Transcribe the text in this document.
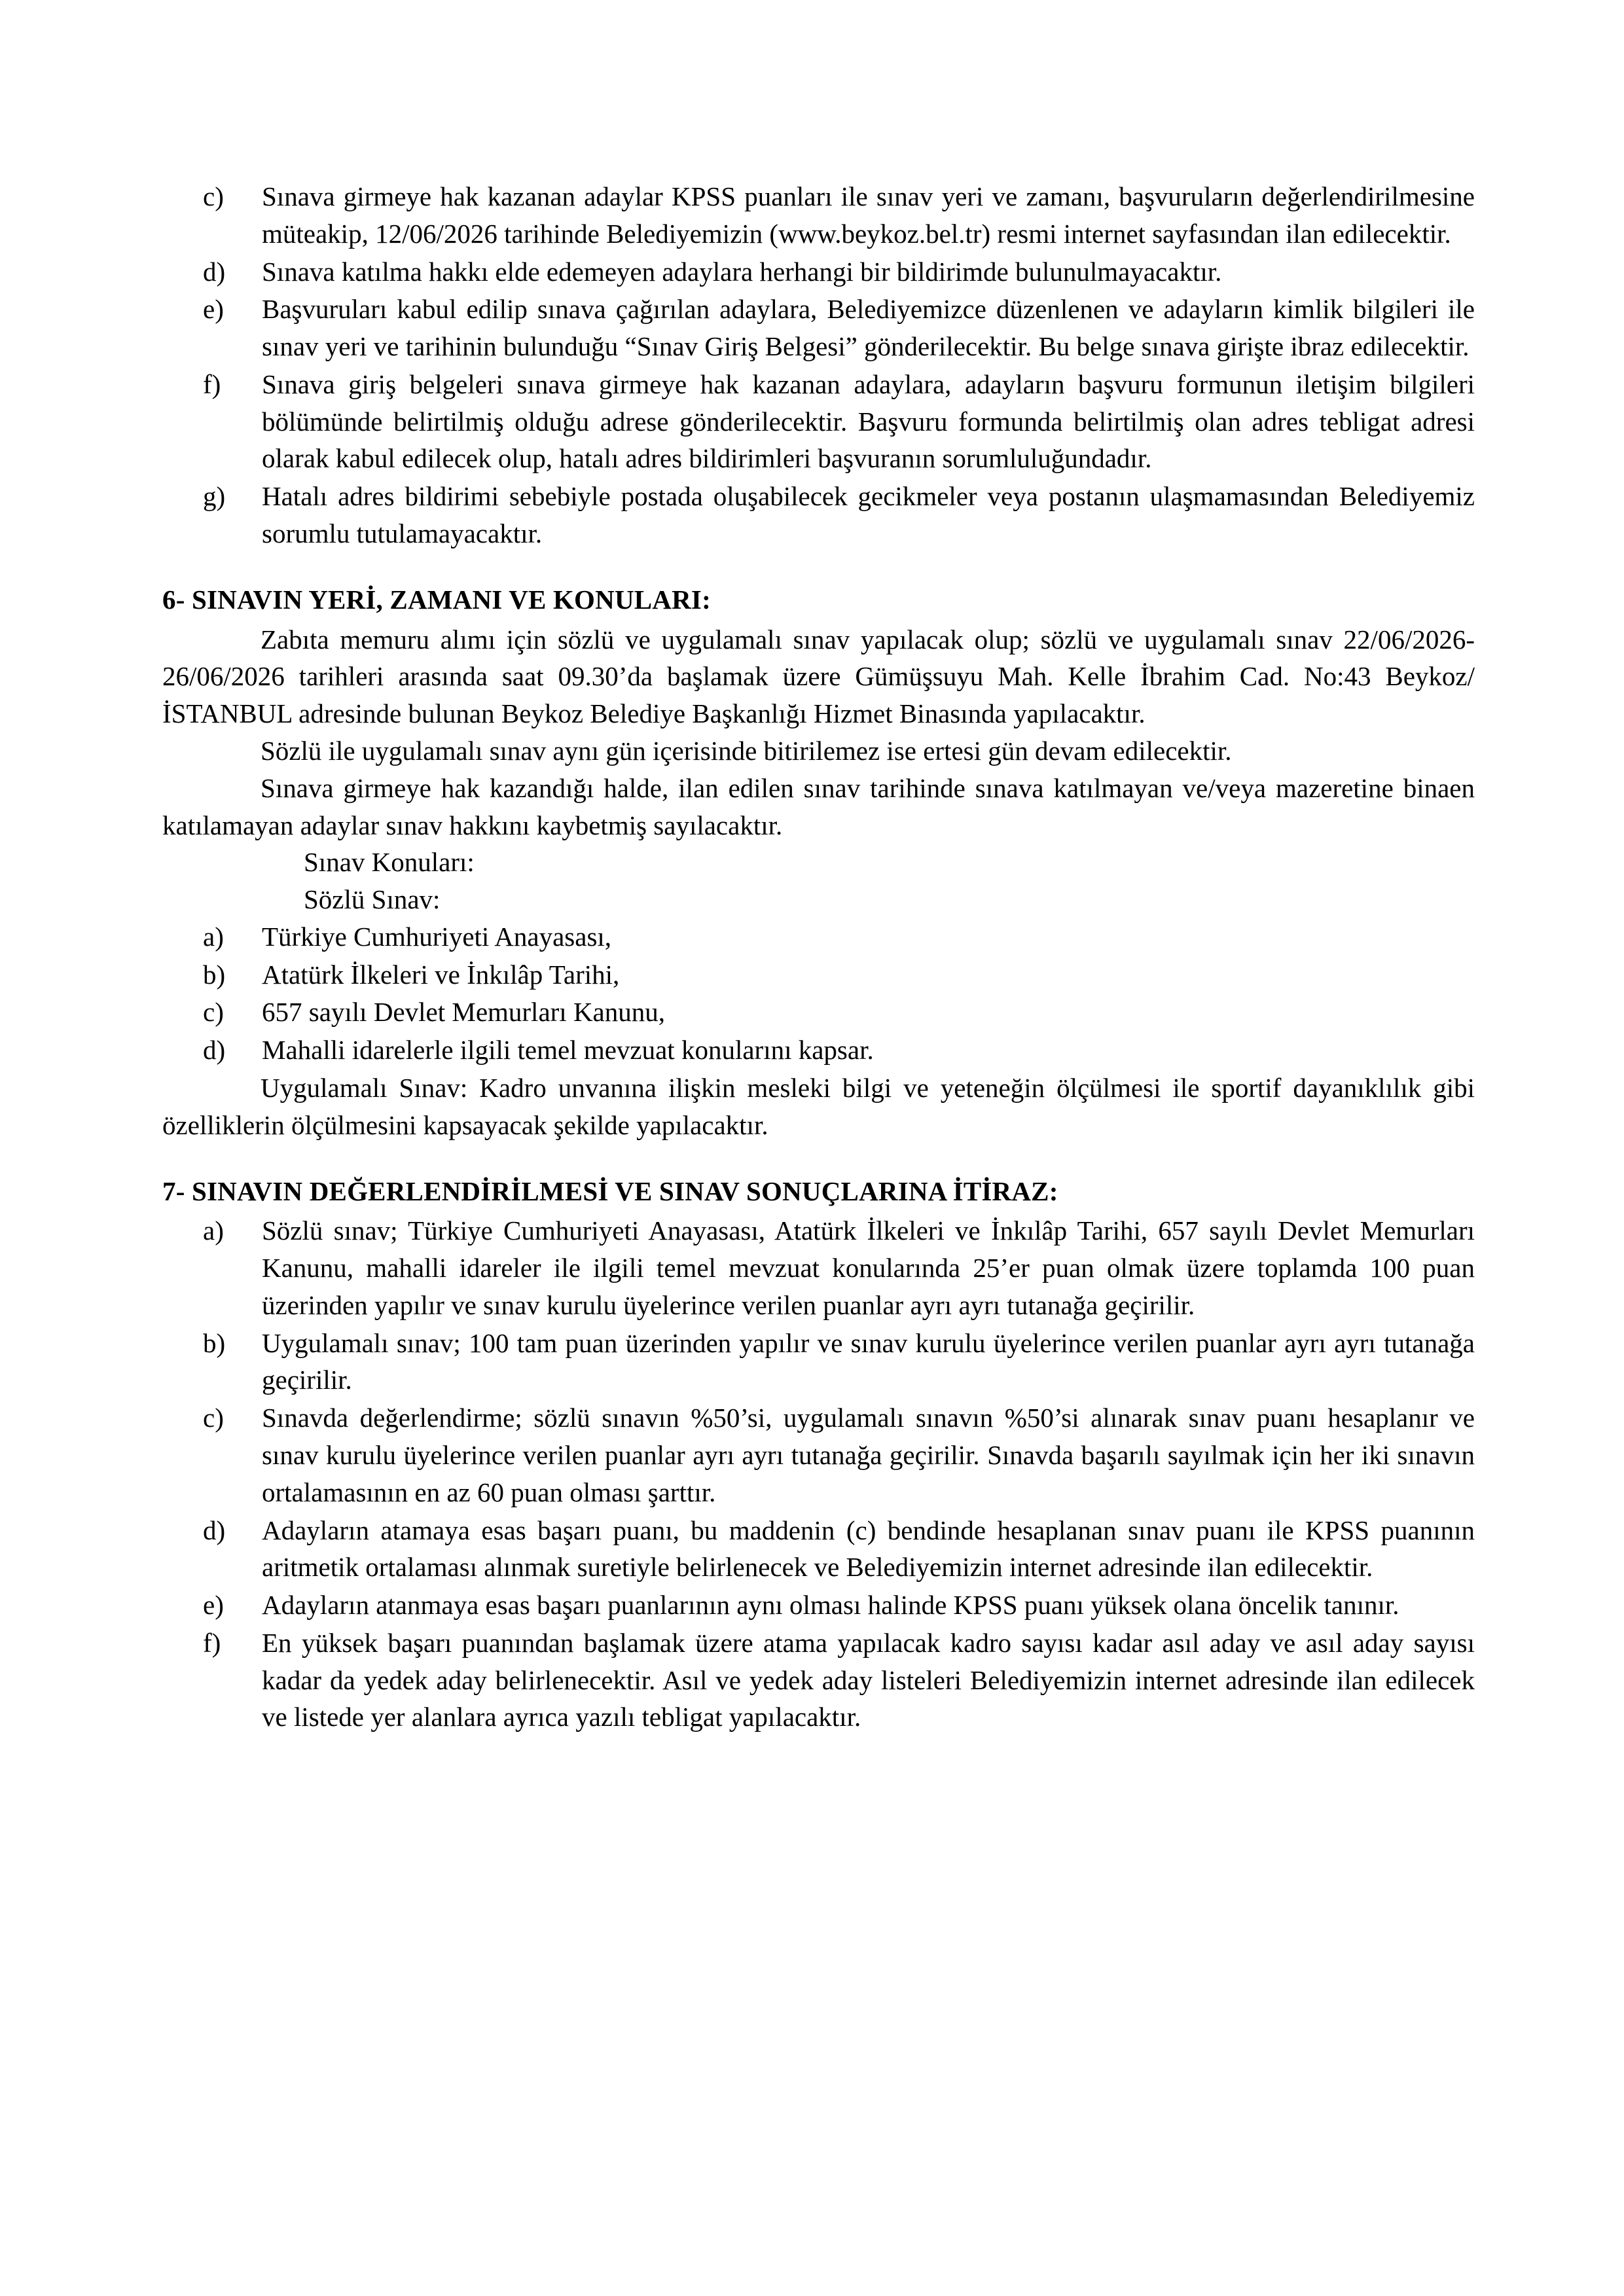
c)	Sınava girmeye hak kazanan adaylar KPSS puanları ile sınav yeri ve zamanı, başvuruların değerlendirilmesine müteakip, 12/06/2026 tarihinde Belediyemizin (www.beykoz.bel.tr) resmi internet sayfasından ilan edilecektir.
d)	Sınava katılma hakkı elde edemeyen adaylara herhangi bir bildirimde bulunulmayacaktır.
e)	Başvuruları kabul edilip sınava çağırılan adaylara, Belediyemizce düzenlenen ve adayların kimlik bilgileri ile sınav yeri ve tarihinin bulunduğu “Sınav Giriş Belgesi” gönderilecektir. Bu belge sınava girişte ibraz edilecektir.
f)	Sınava giriş belgeleri sınava girmeye hak kazanan adaylara, adayların başvuru formunun iletişim bilgileri bölümünde belirtilmiş olduğu adrese gönderilecektir. Başvuru formunda belirtilmiş olan adres tebligat adresi olarak kabul edilecek olup, hatalı adres bildirimleri başvuranın sorumluluğundadır.
g)	Hatalı adres bildirimi sebebiyle postada oluşabilecek gecikmeler veya postanın ulaşmamasından Belediyemiz sorumlu tutulamayacaktır.
6- SINAVIN YERİ, ZAMANI VE KONULARI:

Zabıta memuru alımı için sözlü ve uygulamalı sınav yapılacak olup; sözlü ve uygulamalı sınav 22/06/2026-26/06/2026 tarihleri arasında saat 09.30’da başlamak üzere Gümüşsuyu Mah. Kelle İbrahim Cad. No:43 Beykoz/İSTANBUL adresinde bulunan Beykoz Belediye Başkanlığı Hizmet Binasında yapılacaktır.

Sözlü ile uygulamalı sınav aynı gün içerisinde bitirilemez ise ertesi gün devam edilecektir.

Sınava girmeye hak kazandığı halde, ilan edilen sınav tarihinde sınava katılmayan ve/veya mazeretine binaen katılamayan adaylar sınav hakkını kaybetmiş sayılacaktır.

Sınav Konuları:

Sözlü Sınav:

a)	Türkiye Cumhuriyeti Anayasası,
b)	Atatürk İlkeleri ve İnkılâp Tarihi,
c)	657 sayılı Devlet Memurları Kanunu,
d)	Mahalli idarelerle ilgili temel mevzuat konularını kapsar.

Uygulamalı Sınav: Kadro unvanına ilişkin mesleki bilgi ve yeteneğin ölçülmesi ile sportif dayanıklılık gibi özelliklerin ölçülmesini kapsayacak şekilde yapılacaktır.

7- SINAVIN DEĞERLENDİRİLMESİ VE SINAV SONUÇLARINA İTİRAZ:
a)	Sözlü sınav; Türkiye Cumhuriyeti Anayasası, Atatürk İlkeleri ve İnkılâp Tarihi, 657 sayılı Devlet Memurları Kanunu, mahalli idareler ile ilgili temel mevzuat konularında 25’er puan olmak üzere toplamda 100 puan üzerinden yapılır ve sınav kurulu üyelerince verilen puanlar ayrı ayrı tutanağa geçirilir.
b)	Uygulamalı sınav; 100 tam puan üzerinden yapılır ve sınav kurulu üyelerince verilen puanlar ayrı ayrı tutanağa geçirilir.
c)	Sınavda değerlendirme; sözlü sınavın %50’si, uygulamalı sınavın %50’si alınarak sınav puanı hesaplanır ve sınav kurulu üyelerince verilen puanlar ayrı ayrı tutanağa geçirilir. Sınavda başarılı sayılmak için her iki sınavın ortalamasının en az 60 puan olması şarttır.
d)	Adayların atamaya esas başarı puanı, bu maddenin (c) bendinde hesaplanan sınav puanı ile KPSS puanının aritmetik ortalaması alınmak suretiyle belirlenecek ve Belediyemizin internet adresinde ilan edilecektir.
e)	Adayların atanmaya esas başarı puanlarının aynı olması halinde KPSS puanı yüksek olana öncelik tanınır.
f)	En yüksek başarı puanından başlamak üzere atama yapılacak kadro sayısı kadar asıl aday ve asıl aday sayısı kadar da yedek aday belirlenecektir. Asıl ve yedek aday listeleri Belediyemizin internet adresinde ilan edilecek ve listede yer alanlara ayrıca yazılı tebligat yapılacaktır.
